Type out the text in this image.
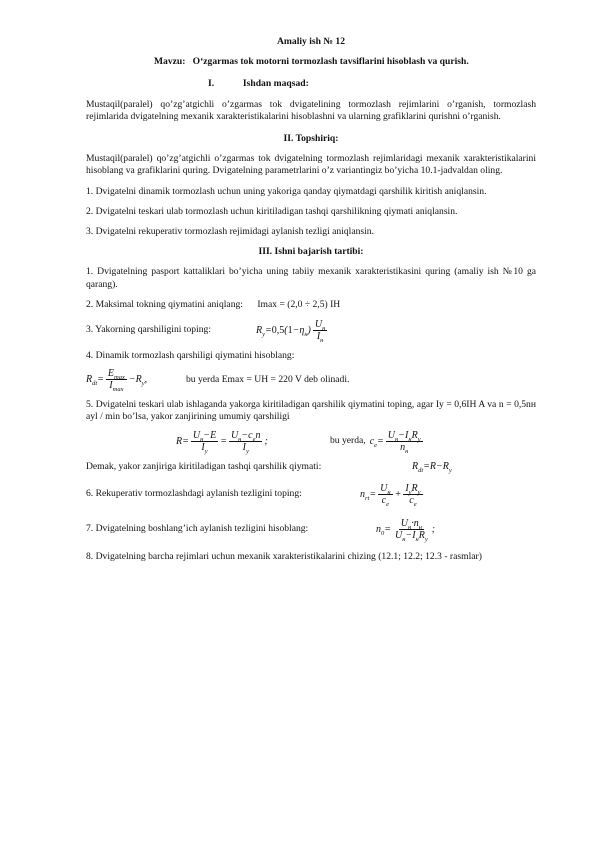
Amaliy ish № 12

Mavzu: O‘zgarmas tok motorni tormozlash tavsiflarini hisoblash va qurish.

I.	Ishdan maqsad:

Mustaqil(paralel) qo’zg’atgichli o’zgarmas tok dvigatelining tormozlash rejimlarini o’rganish, tormozlash rejimlarida dvigatelning mexanik xarakteristikalarini hisoblashni va ularning grafiklarini qurishni o’rganish.

II. Topshiriq:

Mustaqil(paralel) qo’zg’atgichli o’zgarmas tok dvigatelning tormozlash rejimlaridagi mexanik xarakteristikalarini hisoblang va grafiklarini quring. Dvigatelning parametrlarini o’z variantingiz bo’yicha 10.1-jadvaldan oling.

1. Dvigatelni dinamik tormozlash uchun uning yakoriga qanday qiymatdagi qarshilik kiritish aniqlansin.

2. Dvigatelni teskari ulab tormozlash uchun kiritiladigan tashqi qarshilikning qiymati aniqlansin.

3. Dvigatelni rekuperativ tormozlash rejimidagi aylanish tezligi aniqlansin.

III. Ishni bajarish tartibi:

1. Dvigatelning pasport kattaliklari bo’yicha uning tabiiy mexanik xarakteristikasini quring (amaliy ish №10 ga qarang).

2. Maksimal tokning qiymatini aniqlang: Imax = (2,0 ÷ 2,5) IH

3. Yakorning qarshiligini toping:	$R_y=0,5(1-\eta_н) \frac{U_н}{I_н}$

4. Dinamik tormozlash qarshiligi qiymatini hisoblang:

$R_{dt}= \frac{E_{max}}{I_{max}} -R_y$,	bu yerda Emax = UH = 220 V deb olinadi.

5. Dvigatelni teskari ulab ishlaganda yakorga kiritiladigan qarshilik qiymatini toping, agar Iy = 0,6IH A va n = 0,5nн ayl / min bo’lsa, yakor zanjirining umumiy qarshiligi

$R= \frac{U_н-E}{I_y} = \frac{U_н-c_en}{I_y}$ ;	bu yerda, $c_e= \frac{U_н-I_нR_y}{n_н}$
Demak, yakor zanjiriga kiritiladigan tashqi qarshilik qiymati:	$R_{dt}=R-R_y$
6. Rekuperativ tormozlashdagi aylanish tezligini toping:	$n_{rt}= \frac{U_н}{c_e} + \frac{I_yR_y}{c_e}$
7. Dvigatelning boshlang’ich aylanish tezligini hisoblang:	$n_0= \frac{U_н\cdot n_н}{U_н-I_нR_y}$ ;

8. Dvigatelning barcha rejimlari uchun mexanik xarakteristikalarini chizing (12.1; 12.2; 12.3 - rasmlar)
